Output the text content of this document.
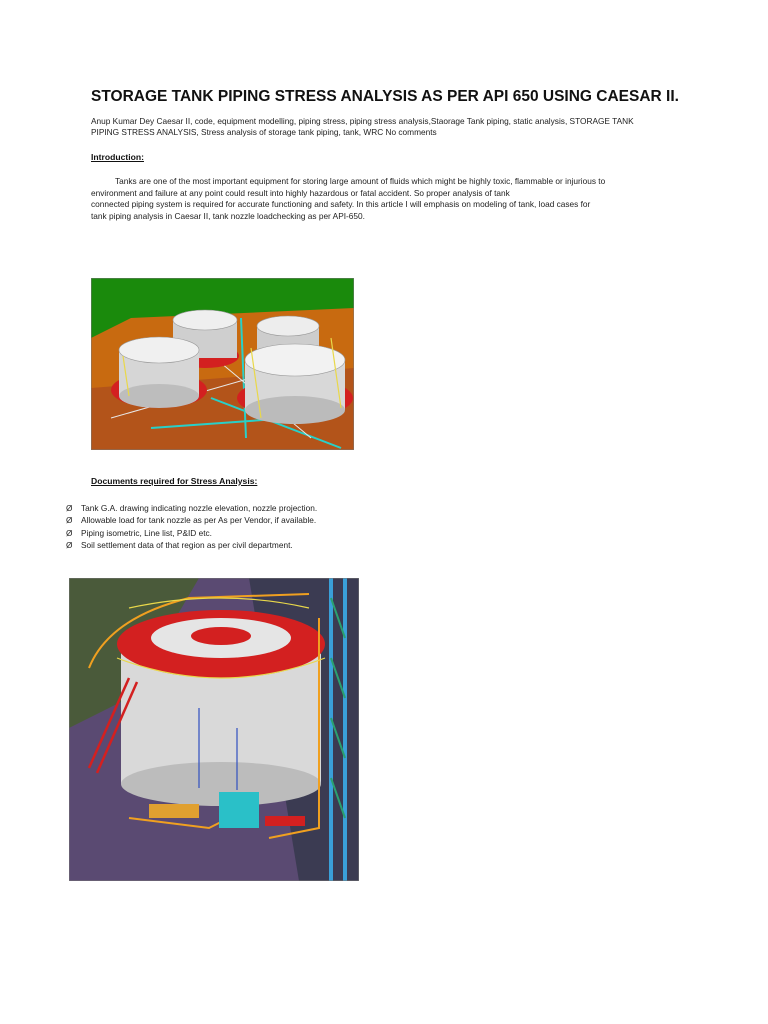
STORAGE TANK PIPING STRESS ANALYSIS AS PER API 650 USING CAESAR II.

Anup Kumar Dey Caesar II, code, equipment modelling, piping stress, piping stress analysis,Staorage Tank piping, static analysis, STORAGE TANK
PIPING STRESS ANALYSIS, Stress analysis of storage tank piping, tank, WRC No comments

Introduction:

Tanks are one of the most important equipment for storing large amount of fluids which might be highly toxic, flammable or injurious to
environment and failure at any point could result into highly hazardous or fatal accident. So proper analysis of tank
connected piping system is required for accurate functioning and safety. In this article I will emphasis on modeling of tank, load cases for
tank piping analysis in Caesar II, tank nozzle loadchecking as per API-650.

Documents required for Stress Analysis:
Ø Tank G.A. drawing indicating nozzle elevation, nozzle projection.
Ø Allowable load for tank nozzle as per As per Vendor, if available.
Ø Piping isometric, Line list, P&ID etc.
Ø Soil settlement data of that region as per civil department.
